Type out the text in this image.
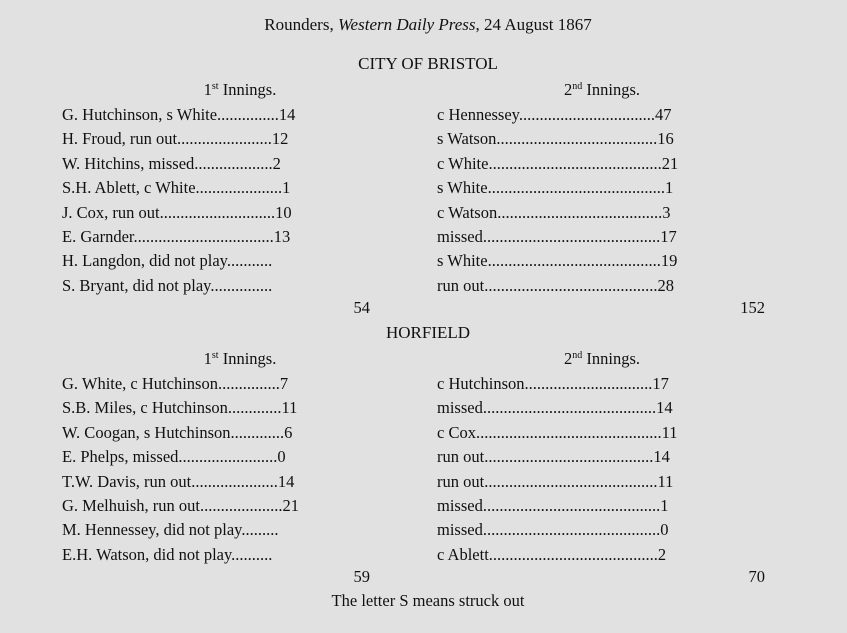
Rounders, Western Daily Press, 24 August 1867
CITY OF BRISTOL
1st Innings.
G. Hutchinson, s White...............14
H. Froud, run out.......................12
W. Hitchins, missed...................2
S.H. Ablett, c White.....................1
J. Cox, run out............................10
E. Garnder..................................13
H. Langdon, did not play...........
S. Bryant, did not play...............
54
2nd Innings.
c Hennessey.................................47
s Watson.......................................16
c White..........................................21
s White...........................................1
c Watson........................................3
missed...........................................17
s White..........................................19
run out..........................................28
152
HORFIELD
1st Innings.
G. White, c Hutchinson...............7
S.B. Miles, c Hutchinson.............11
W. Coogan, s Hutchinson.............6
E. Phelps, missed........................0
T.W. Davis, run out.....................14
G. Melhuish, run out....................21
M. Hennessey, did not play.........
E.H. Watson, did not play..........
59
2nd Innings.
c Hutchinson...............................17
missed..........................................14
c Cox.............................................11
run out.........................................14
run out..........................................11
missed...........................................1
missed...........................................0
c Ablett.........................................2
70
The letter S means struck out
